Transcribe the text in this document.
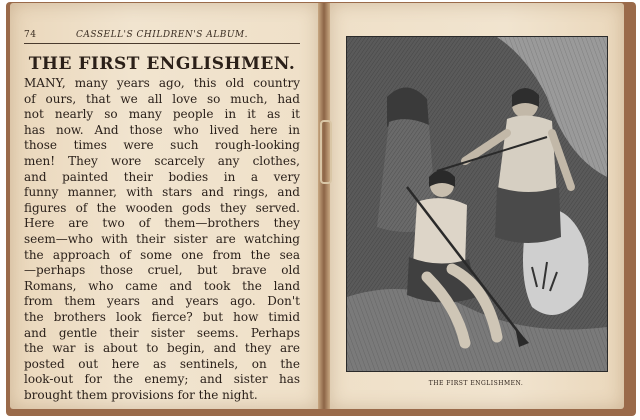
74	CASSELL'S CHILDREN'S ALBUM.
THE FIRST ENGLISHMEN.
MANY, many years ago, this old country
of ours, that we all love so much, had
not nearly so many people in it as it
has now. And those who lived here in
those times were such rough-looking
men! They wore scarcely any clothes,
and painted their bodies in a very
funny manner, with stars and rings, and
figures of the wooden gods they served.
Here are two of them—brothers they
seem—who with their sister are watching
the approach of some one from the sea
—perhaps those cruel, but brave old
Romans, who came and took the land
from them years and years ago. Don't
the brothers look fierce? but how timid
and gentle their sister seems. Perhaps
the war is about to begin, and they are
posted out here as sentinels, on the
look-out for the enemy; and sister has
brought them provisions for the night.
THE FIRST ENGLISHMEN.
